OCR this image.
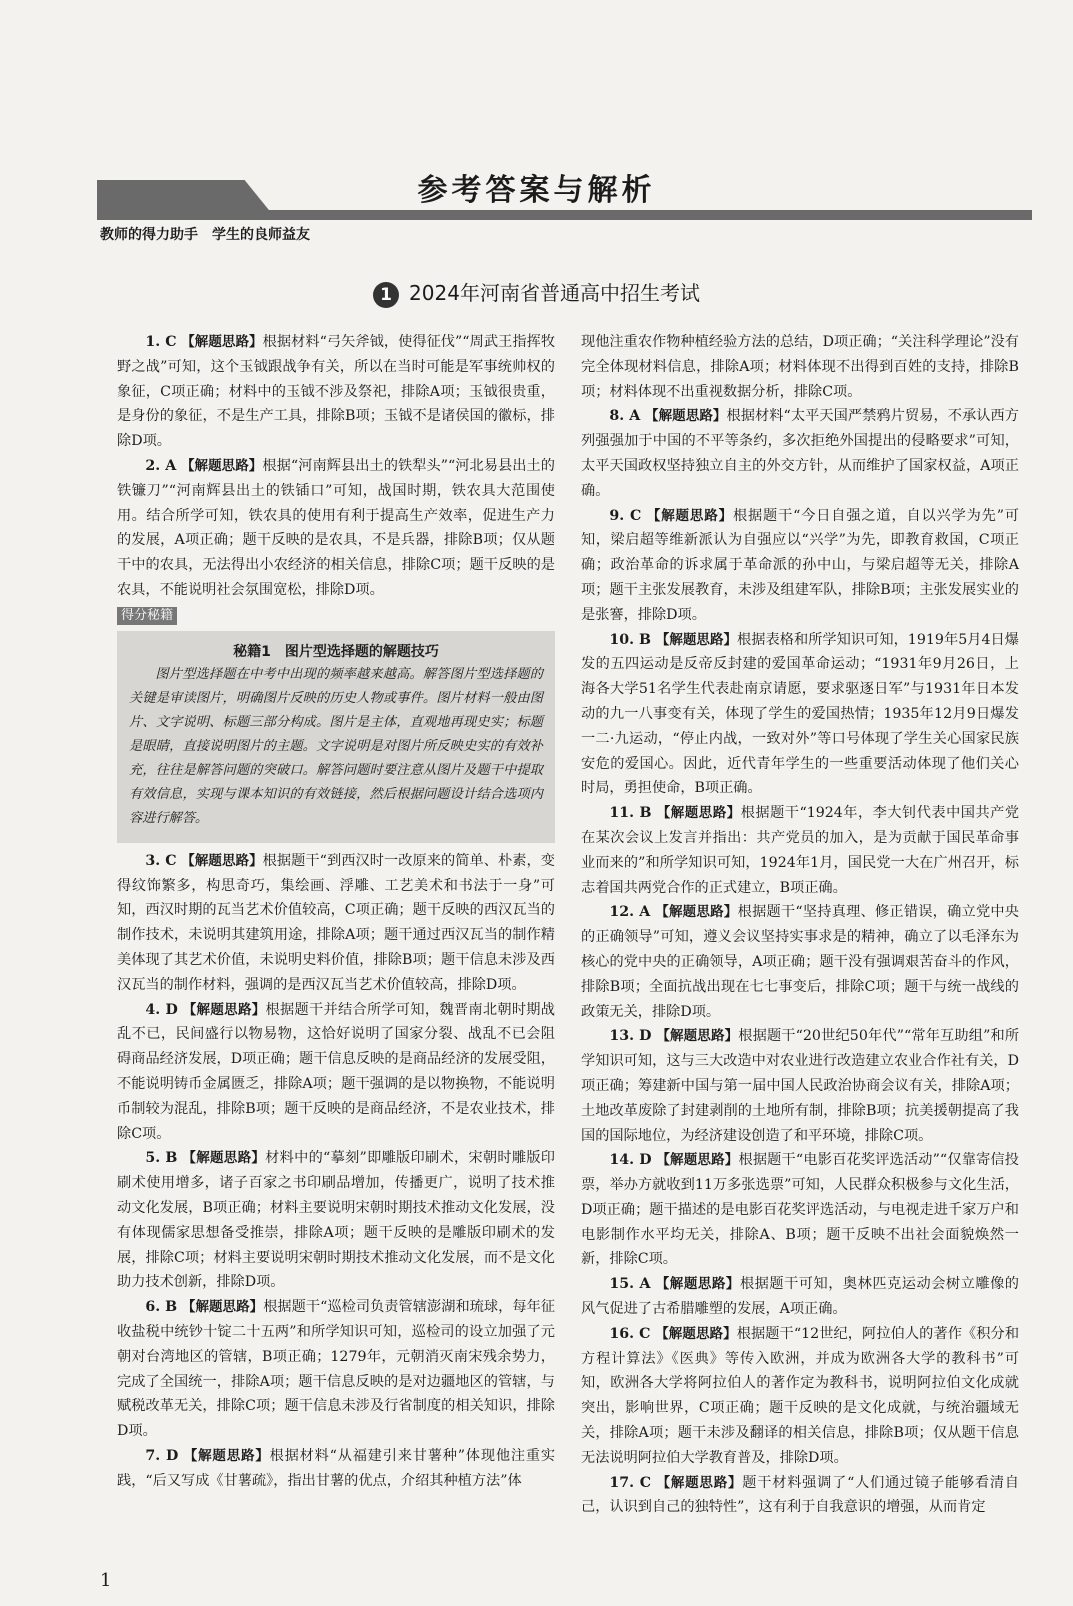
参考答案与解析
教师的得力助手　学生的良师益友
1 2024年河南省普通高中招生考试

1. C 【解题思路】根据材料“弓矢斧钺，使得征伐”“周武王指挥牧野之战”可知，这个玉钺跟战争有关，所以在当时可能是军事统帅权的象征，C项正确；材料中的玉钺不涉及祭祀，排除A项；玉钺很贵重，是身份的象征，不是生产工具，排除B项；玉钺不是诸侯国的徽标，排除D项。

2. A 【解题思路】根据“河南辉县出土的铁犁头”“河北易县出土的铁镰刀”“河南辉县出土的铁锸口”可知，战国时期，铁农具大范围使用。结合所学可知，铁农具的使用有利于提高生产效率，促进生产力的发展，A项正确；题干反映的是农具，不是兵器，排除B项；仅从题干中的农具，无法得出小农经济的相关信息，排除C项；题干反映的是农具，不能说明社会氛围宽松，排除D项。

得分秘籍
秘籍1　图片型选择题的解题技巧
图片型选择题在中考中出现的频率越来越高。解答图片型选择题的关键是审读图片，明确图片反映的历史人物或事件。图片材料一般由图片、文字说明、标题三部分构成。图片是主体，直观地再现史实；标题是眼睛，直接说明图片的主题。文字说明是对图片所反映史实的有效补充，往往是解答问题的突破口。解答问题时要注意从图片及题干中提取有效信息，实现与课本知识的有效链接，然后根据问题设计结合选项内容进行解答。

3. C 【解题思路】根据题干“到西汉时一改原来的简单、朴素，变得纹饰繁多，构思奇巧，集绘画、浮雕、工艺美术和书法于一身”可知，西汉时期的瓦当艺术价值较高，C项正确；题干反映的西汉瓦当的制作技术，未说明其建筑用途，排除A项；题干通过西汉瓦当的制作精美体现了其艺术价值，未说明史料价值，排除B项；题干信息未涉及西汉瓦当的制作材料，强调的是西汉瓦当艺术价值较高，排除D项。

4. D 【解题思路】根据题干并结合所学可知，魏晋南北朝时期战乱不已，民间盛行以物易物，这恰好说明了国家分裂、战乱不已会阻碍商品经济发展，D项正确；题干信息反映的是商品经济的发展受阻，不能说明铸币金属匮乏，排除A项；题干强调的是以物换物，不能说明币制较为混乱，排除B项；题干反映的是商品经济，不是农业技术，排除C项。

5. B 【解题思路】材料中的“摹刻”即雕版印刷术，宋朝时雕版印刷术使用增多，诸子百家之书印刷品增加，传播更广，说明了技术推动文化发展，B项正确；材料主要说明宋朝时期技术推动文化发展，没有体现儒家思想备受推崇，排除A项；题干反映的是雕版印刷术的发展，排除C项；材料主要说明宋朝时期技术推动文化发展，而不是文化助力技术创新，排除D项。

6. B 【解题思路】根据题干“巡检司负责管辖澎湖和琉球，每年征收盐税中统钞十锭二十五两”和所学知识可知，巡检司的设立加强了元朝对台湾地区的管辖，B项正确；1279年，元朝消灭南宋残余势力，完成了全国统一，排除A项；题干信息反映的是对边疆地区的管辖，与赋税改革无关，排除C项；题干信息未涉及行省制度的相关知识，排除D项。

7. D 【解题思路】根据材料“从福建引来甘薯种”体现他注重实践，“后又写成《甘薯疏》，指出甘薯的优点，介绍其种植方法”体

现他注重农作物种植经验方法的总结，D项正确；“关注科学理论”没有完全体现材料信息，排除A项；材料体现不出得到百姓的支持，排除B项；材料体现不出重视数据分析，排除C项。

8. A 【解题思路】根据材料“太平天国严禁鸦片贸易，不承认西方列强强加于中国的不平等条约，多次拒绝外国提出的侵略要求”可知，太平天国政权坚持独立自主的外交方针，从而维护了国家权益，A项正确。

9. C 【解题思路】根据题干“今日自强之道，自以兴学为先”可知，梁启超等维新派认为自强应以“兴学”为先，即教育救国，C项正确；政治革命的诉求属于革命派的孙中山，与梁启超等无关，排除A项；题干主张发展教育，未涉及组建军队，排除B项；主张发展实业的是张謇，排除D项。

10. B 【解题思路】根据表格和所学知识可知，1919年5月4日爆发的五四运动是反帝反封建的爱国革命运动；“1931年9月26日，上海各大学51名学生代表赴南京请愿，要求驱逐日军”与1931年日本发动的九一八事变有关，体现了学生的爱国热情；1935年12月9日爆发一二·九运动，“停止内战，一致对外”等口号体现了学生关心国家民族安危的爱国心。因此，近代青年学生的一些重要活动体现了他们关心时局，勇担使命，B项正确。

11. B 【解题思路】根据题干“1924年，李大钊代表中国共产党在某次会议上发言并指出：共产党员的加入，是为贡献于国民革命事业而来的”和所学知识可知，1924年1月，国民党一大在广州召开，标志着国共两党合作的正式建立，B项正确。

12. A 【解题思路】根据题干“坚持真理、修正错误，确立党中央的正确领导”可知，遵义会议坚持实事求是的精神，确立了以毛泽东为核心的党中央的正确领导，A项正确；题干没有强调艰苦奋斗的作风，排除B项；全面抗战出现在七七事变后，排除C项；题干与统一战线的政策无关，排除D项。

13. D 【解题思路】根据题干“20世纪50年代”“常年互助组”和所学知识可知，这与三大改造中对农业进行改造建立农业合作社有关，D项正确；筹建新中国与第一届中国人民政治协商会议有关，排除A项；土地改革废除了封建剥削的土地所有制，排除B项；抗美援朝提高了我国的国际地位，为经济建设创造了和平环境，排除C项。

14. D 【解题思路】根据题干“电影百花奖评选活动”“仅靠寄信投票，举办方就收到11万多张选票”可知，人民群众积极参与文化生活，D项正确；题干描述的是电影百花奖评选活动，与电视走进千家万户和电影制作水平均无关，排除A、B项；题干反映不出社会面貌焕然一新，排除C项。

15. A 【解题思路】根据题干可知，奥林匹克运动会树立雕像的风气促进了古希腊雕塑的发展，A项正确。

16. C 【解题思路】根据题干“12世纪，阿拉伯人的著作《积分和方程计算法》《医典》等传入欧洲，并成为欧洲各大学的教科书”可知，欧洲各大学将阿拉伯人的著作定为教科书，说明阿拉伯文化成就突出，影响世界，C项正确；题干反映的是文化成就，与统治疆域无关，排除A项；题干未涉及翻译的相关信息，排除B项；仅从题干信息无法说明阿拉伯大学教育普及，排除D项。

17. C 【解题思路】题干材料强调了“人们通过镜子能够看清自己，认识到自己的独特性”，这有利于自我意识的增强，从而肯定

1
